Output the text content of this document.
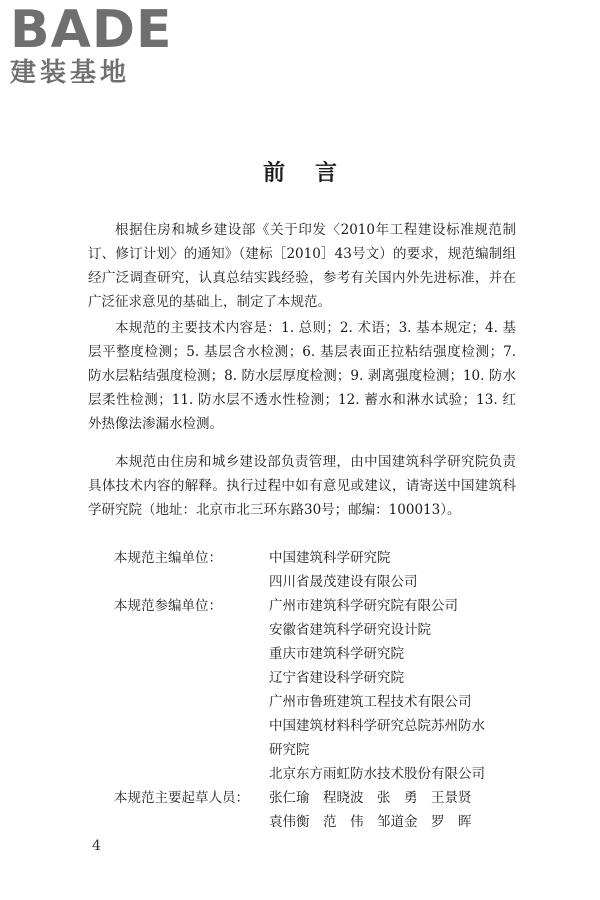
BADE
建装基地
前言

根据住房和城乡建设部《关于印发〈2010年工程建设标准规范制订、修订计划〉的通知》（建标［2010］43号文）的要求，规范编制组经广泛调查研究，认真总结实践经验，参考有关国内外先进标准，并在广泛征求意见的基础上，制定了本规范。

本规范的主要技术内容是：1. 总则；2. 术语；3. 基本规定；4. 基层平整度检测；5. 基层含水检测；6. 基层表面正拉粘结强度检测；7. 防水层粘结强度检测；8. 防水层厚度检测；9. 剥离强度检测；10. 防水层柔性检测；11. 防水层不透水性检测；12. 蓄水和淋水试验；13. 红外热像法渗漏水检测。

本规范由住房和城乡建设部负责管理，由中国建筑科学研究院负责具体技术内容的解释。执行过程中如有意见或建议，请寄送中国建筑科学研究院（地址：北京市北三环东路30号；邮编：100013）。

本规范主编单位：	中国建筑科学研究院
四川省晟茂建设有限公司
本规范参编单位：	广州市建筑科学研究院有限公司
安徽省建筑科学研究设计院
重庆市建筑科学研究院
辽宁省建设科学研究院
广州市鲁班建筑工程技术有限公司
中国建筑材料科学研究总院苏州防水
研究院
北京东方雨虹防水技术股份有限公司
本规范主要起草人员：	张仁瑜　程晓波　张　勇　王景贤
袁伟衡　范　伟　邹道金　罗　晖
4
